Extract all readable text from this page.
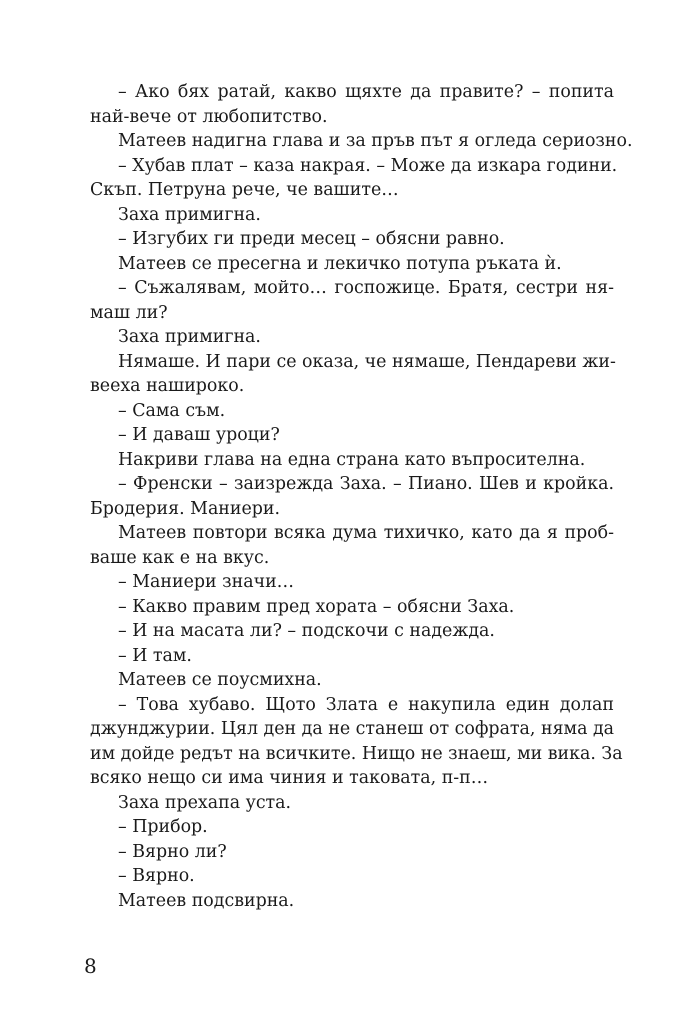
– Ако бях ратай, какво щяхте да правите? – попита
най-вече от любопитство.
Матеев надигна глава и за пръв път я огледа сериозно.
– Хубав плат – каза накрая. – Може да изкара години.
Скъп. Петруна рече, че вашите…
Заха примигна.
– Изгубих ги преди месец – обясни равно.
Матеев се пресегна и лекичко потупа ръката ѝ.
– Съжалявам, мойто… госпожице. Братя, сестри ня-
маш ли?
Заха примигна.
Нямаше. И пари се оказа, че нямаше, Пендареви жи-
вееха нашироко.
– Сама съм.
– И даваш уроци?
Накриви глава на една страна като въпросителна.
– Френски – заизрежда Заха. – Пиано. Шев и кройка.
Бродерия. Маниери.
Матеев повтори всяка дума тихичко, като да я проб-
ваше как е на вкус.
– Маниери значи…
– Какво правим пред хората – обясни Заха.
– И на масата ли? – подскочи с надежда.
– И там.
Матеев се поусмихна.
– Това хубаво. Щото Злата е накупила един долап
джунджурии. Цял ден да не станеш от софрата, няма да
им дойде редът на всичките. Нищо не знаеш, ми вика. За
всяко нещо си има чиния и таковата, п-п…
Заха прехапа уста.
– Прибор.
– Вярно ли?
– Вярно.
Матеев подсвирна.
8
